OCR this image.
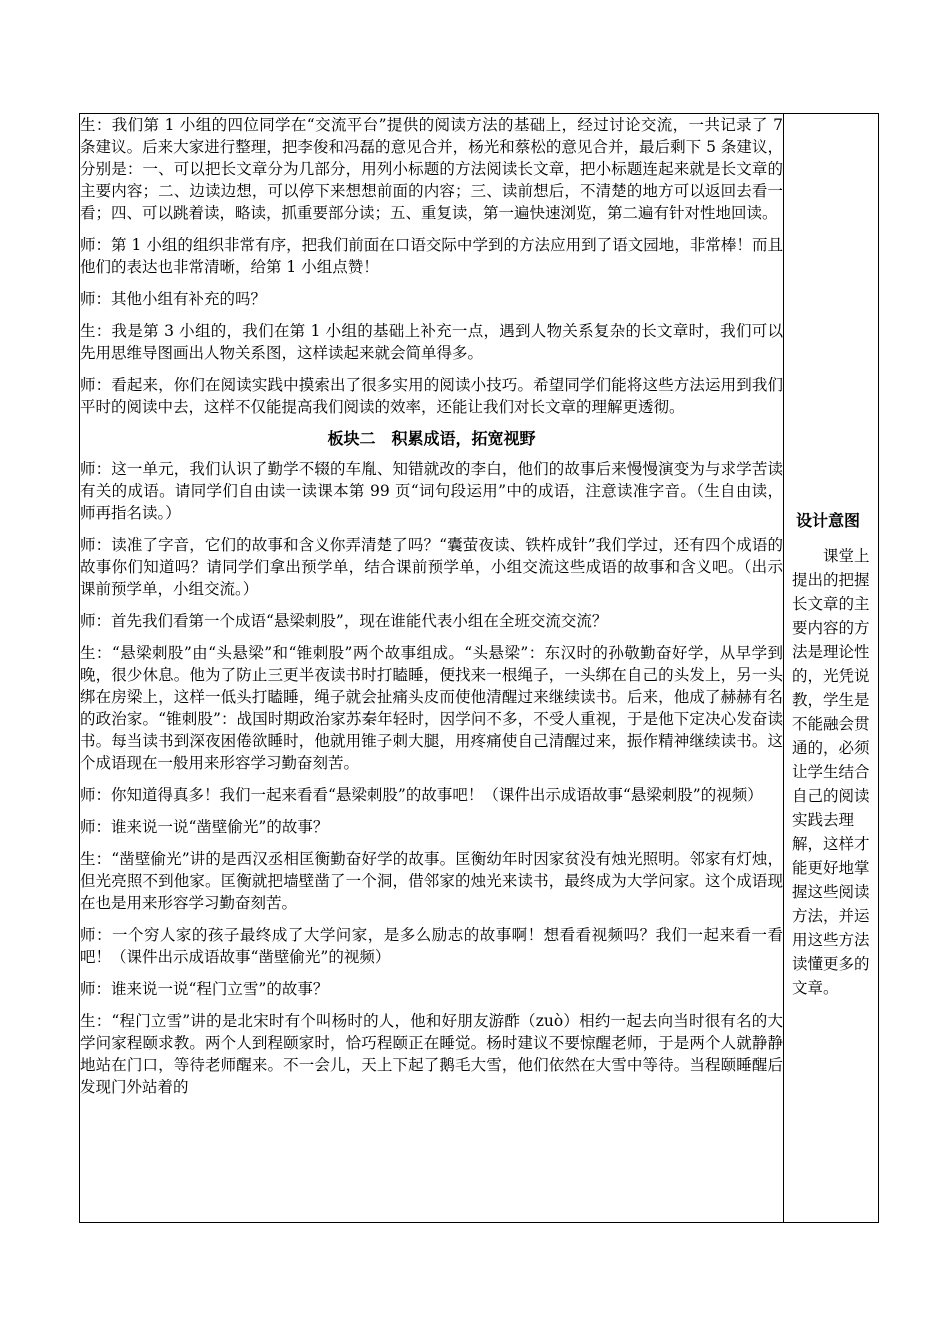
生：我们第 1 小组的四位同学在“交流平台”提供的阅读方法的基础上，经过讨论交流，一共记录了 7 条建议。后来大家进行整理，把李俊和冯磊的意见合并，杨光和蔡松的意见合并，最后剩下 5 条建议，分别是：一、可以把长文章分为几部分，用列小标题的方法阅读长文章，把小标题连起来就是长文章的主要内容；二、边读边想，可以停下来想想前面的内容；三、读前想后，不清楚的地方可以返回去看一看；四、可以跳着读，略读，抓重要部分读；五、重复读，第一遍快速浏览，第二遍有针对性地回读。

师：第 1 小组的组织非常有序，把我们前面在口语交际中学到的方法应用到了语文园地，非常棒！而且他们的表达也非常清晰，给第 1 小组点赞！

师：其他小组有补充的吗？

生：我是第 3 小组的，我们在第 1 小组的基础上补充一点，遇到人物关系复杂的长文章时，我们可以先用思维导图画出人物关系图，这样读起来就会简单得多。

师：看起来，你们在阅读实践中摸索出了很多实用的阅读小技巧。希望同学们能将这些方法运用到我们平时的阅读中去，这样不仅能提高我们阅读的效率，还能让我们对长文章的理解更透彻。

板块二　积累成语，拓宽视野

师：这一单元，我们认识了勤学不辍的车胤、知错就改的李白，他们的故事后来慢慢演变为与求学苦读有关的成语。请同学们自由读一读课本第 99 页“词句段运用”中的成语，注意读准字音。（生自由读，师再指名读。）

师：读准了字音，它们的故事和含义你弄清楚了吗？“囊萤夜读、铁杵成针”我们学过，还有四个成语的故事你们知道吗？请同学们拿出预学单，结合课前预学单，小组交流这些成语的故事和含义吧。（出示课前预学单，小组交流。）

师：首先我们看第一个成语“悬梁刺股”，现在谁能代表小组在全班交流交流？

生：“悬梁刺股”由“头悬梁”和“锥刺股”两个故事组成。“头悬梁”：东汉时的孙敬勤奋好学，从早学到晚，很少休息。他为了防止三更半夜读书时打瞌睡，便找来一根绳子，一头绑在自己的头发上，另一头绑在房梁上，这样一低头打瞌睡，绳子就会扯痛头皮而使他清醒过来继续读书。后来，他成了赫赫有名的政治家。“锥刺股”：战国时期政治家苏秦年轻时，因学问不多，不受人重视，于是他下定决心发奋读书。每当读书到深夜困倦欲睡时，他就用锥子刺大腿，用疼痛使自己清醒过来，振作精神继续读书。这个成语现在一般用来形容学习勤奋刻苦。

师：你知道得真多！我们一起来看看“悬梁刺股”的故事吧！（课件出示成语故事“悬梁刺股”的视频）

师：谁来说一说“凿壁偷光”的故事？

生：“凿壁偷光”讲的是西汉丞相匡衡勤奋好学的故事。匡衡幼年时因家贫没有烛光照明。邻家有灯烛，但光亮照不到他家。匡衡就把墙壁凿了一个洞，借邻家的烛光来读书，最终成为大学问家。这个成语现在也是用来形容学习勤奋刻苦。

师：一个穷人家的孩子最终成了大学问家，是多么励志的故事啊！想看看视频吗？我们一起来看一看吧！（课件出示成语故事“凿壁偷光”的视频）

师：谁来说一说“程门立雪”的故事？

生：“程门立雪”讲的是北宋时有个叫杨时的人，他和好朋友游酢（zuò）相约一起去向当时很有名的大学问家程颐求教。两个人到程颐家时，恰巧程颐正在睡觉。杨时建议不要惊醒老师，于是两个人就静静地站在门口，等待老师醒来。不一会儿，天上下起了鹅毛大雪，他们依然在大雪中等待。当程颐睡醒后发现门外站着的

设计意图
课堂上提出的把握长文章的主要内容的方法是理论性的，光凭说教，学生是不能融会贯通的，必须让学生结合自己的阅读实践去理解，这样才能更好地掌握这些阅读方法，并运用这些方法读懂更多的文章。
